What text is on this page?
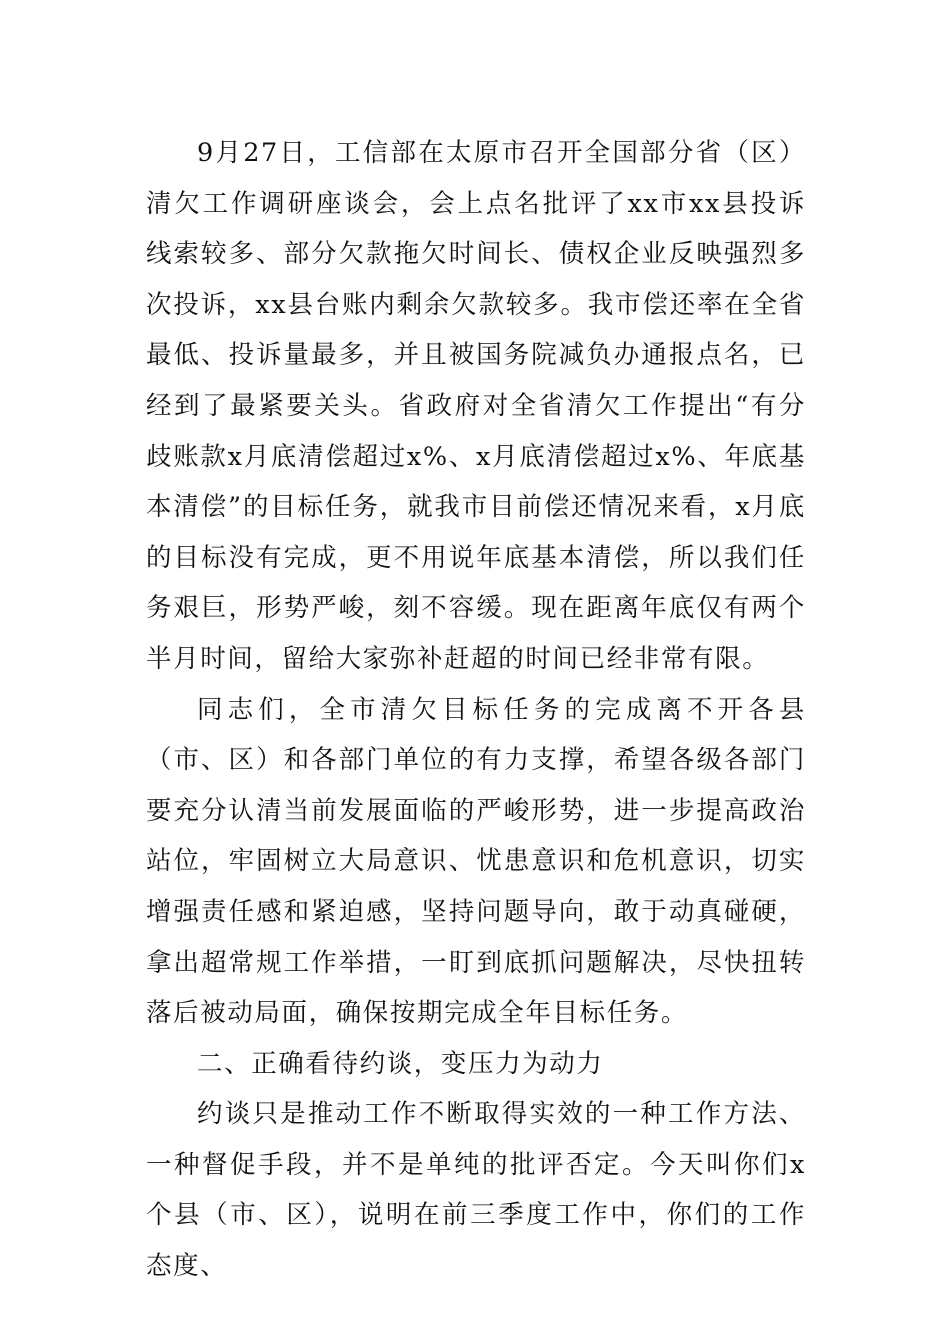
9月27日，工信部在太原市召开全国部分省（区）清欠工作调研座谈会，会上点名批评了xx市xx县投诉线索较多、部分欠款拖欠时间长、债权企业反映强烈多次投诉，xx县台账内剩余欠款较多。我市偿还率在全省最低、投诉量最多，并且被国务院减负办通报点名，已经到了最紧要关头。省政府对全省清欠工作提出“有分歧账款x月底清偿超过x%、x月底清偿超过x%、年底基本清偿”的目标任务，就我市目前偿还情况来看，x月底的目标没有完成，更不用说年底基本清偿，所以我们任务艰巨，形势严峻，刻不容缓。现在距离年底仅有两个半月时间，留给大家弥补赶超的时间已经非常有限。

同志们，全市清欠目标任务的完成离不开各县（市、区）和各部门单位的有力支撑，希望各级各部门要充分认清当前发展面临的严峻形势，进一步提高政治站位，牢固树立大局意识、忧患意识和危机意识，切实增强责任感和紧迫感，坚持问题导向，敢于动真碰硬，拿出超常规工作举措，一盯到底抓问题解决，尽快扭转落后被动局面，确保按期完成全年目标任务。

二、正确看待约谈，变压力为动力

约谈只是推动工作不断取得实效的一种工作方法、一种督促手段，并不是单纯的批评否定。今天叫你们x个县（市、区），说明在前三季度工作中，你们的工作态度、
